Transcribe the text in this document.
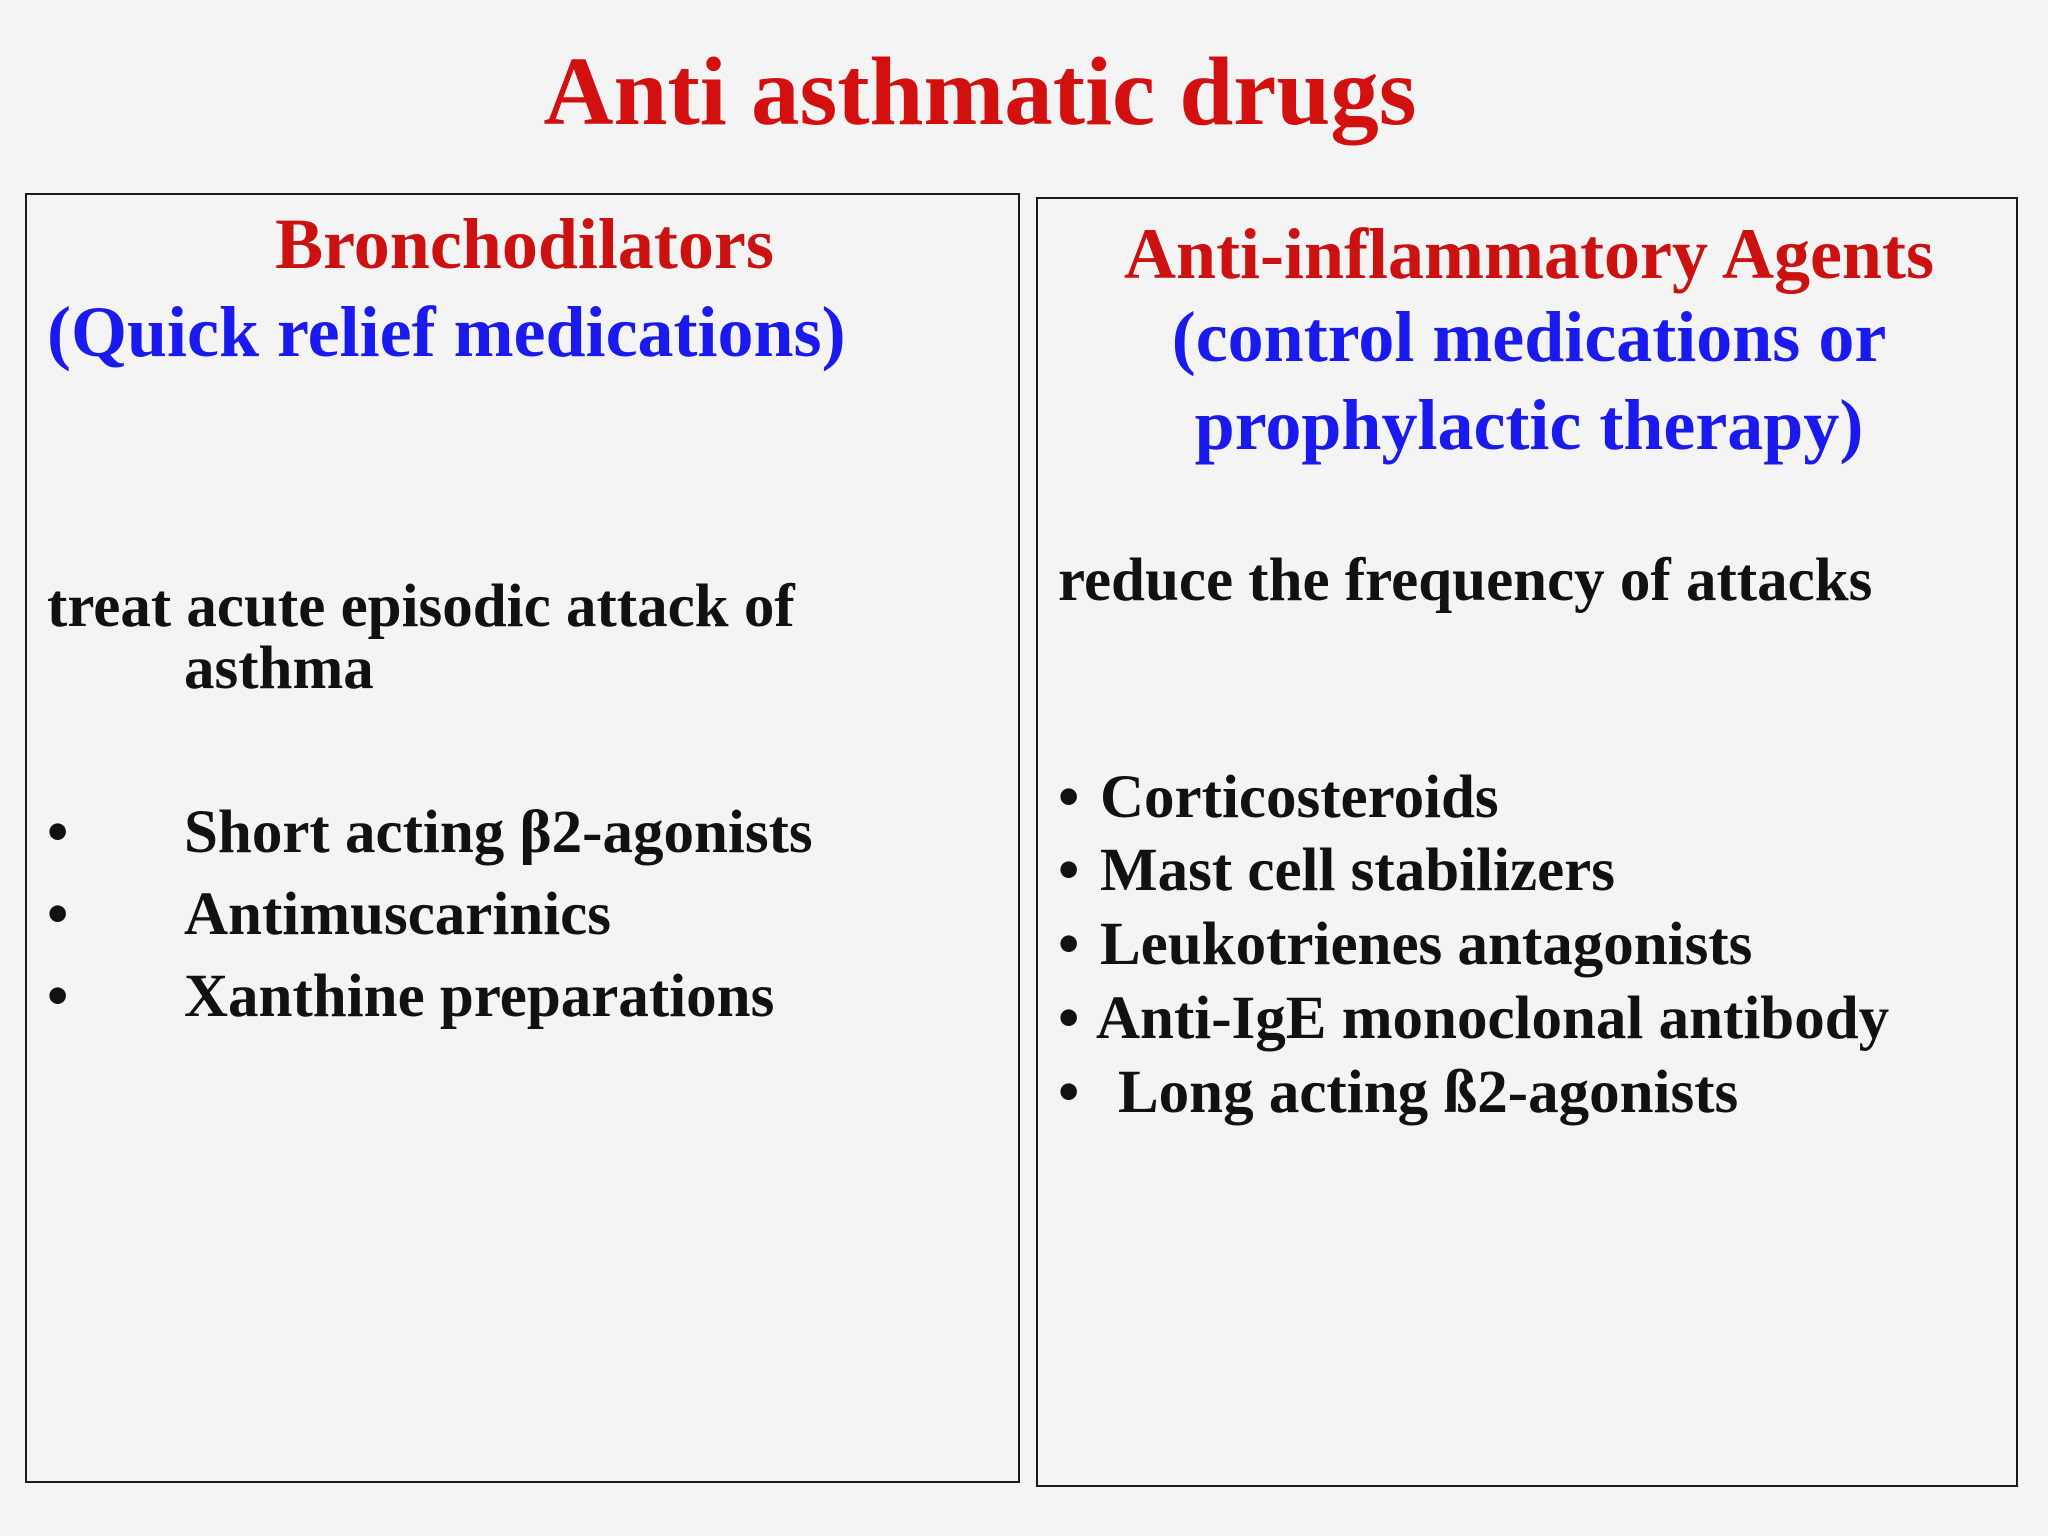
Anti asthmatic drugs
Bronchodilators
(Quick relief medications)
treat acute episodic attack of
asthma
• Short acting β2-agonists
• Antimuscarinics
• Xanthine preparations
Anti-inflammatory Agents
(control medications or
prophylactic therapy)
reduce the frequency of attacks
• Corticosteroids
• Mast cell stabilizers
• Leukotrienes antagonists
• Anti-IgE monoclonal antibody
• Long acting ß2-agonists
